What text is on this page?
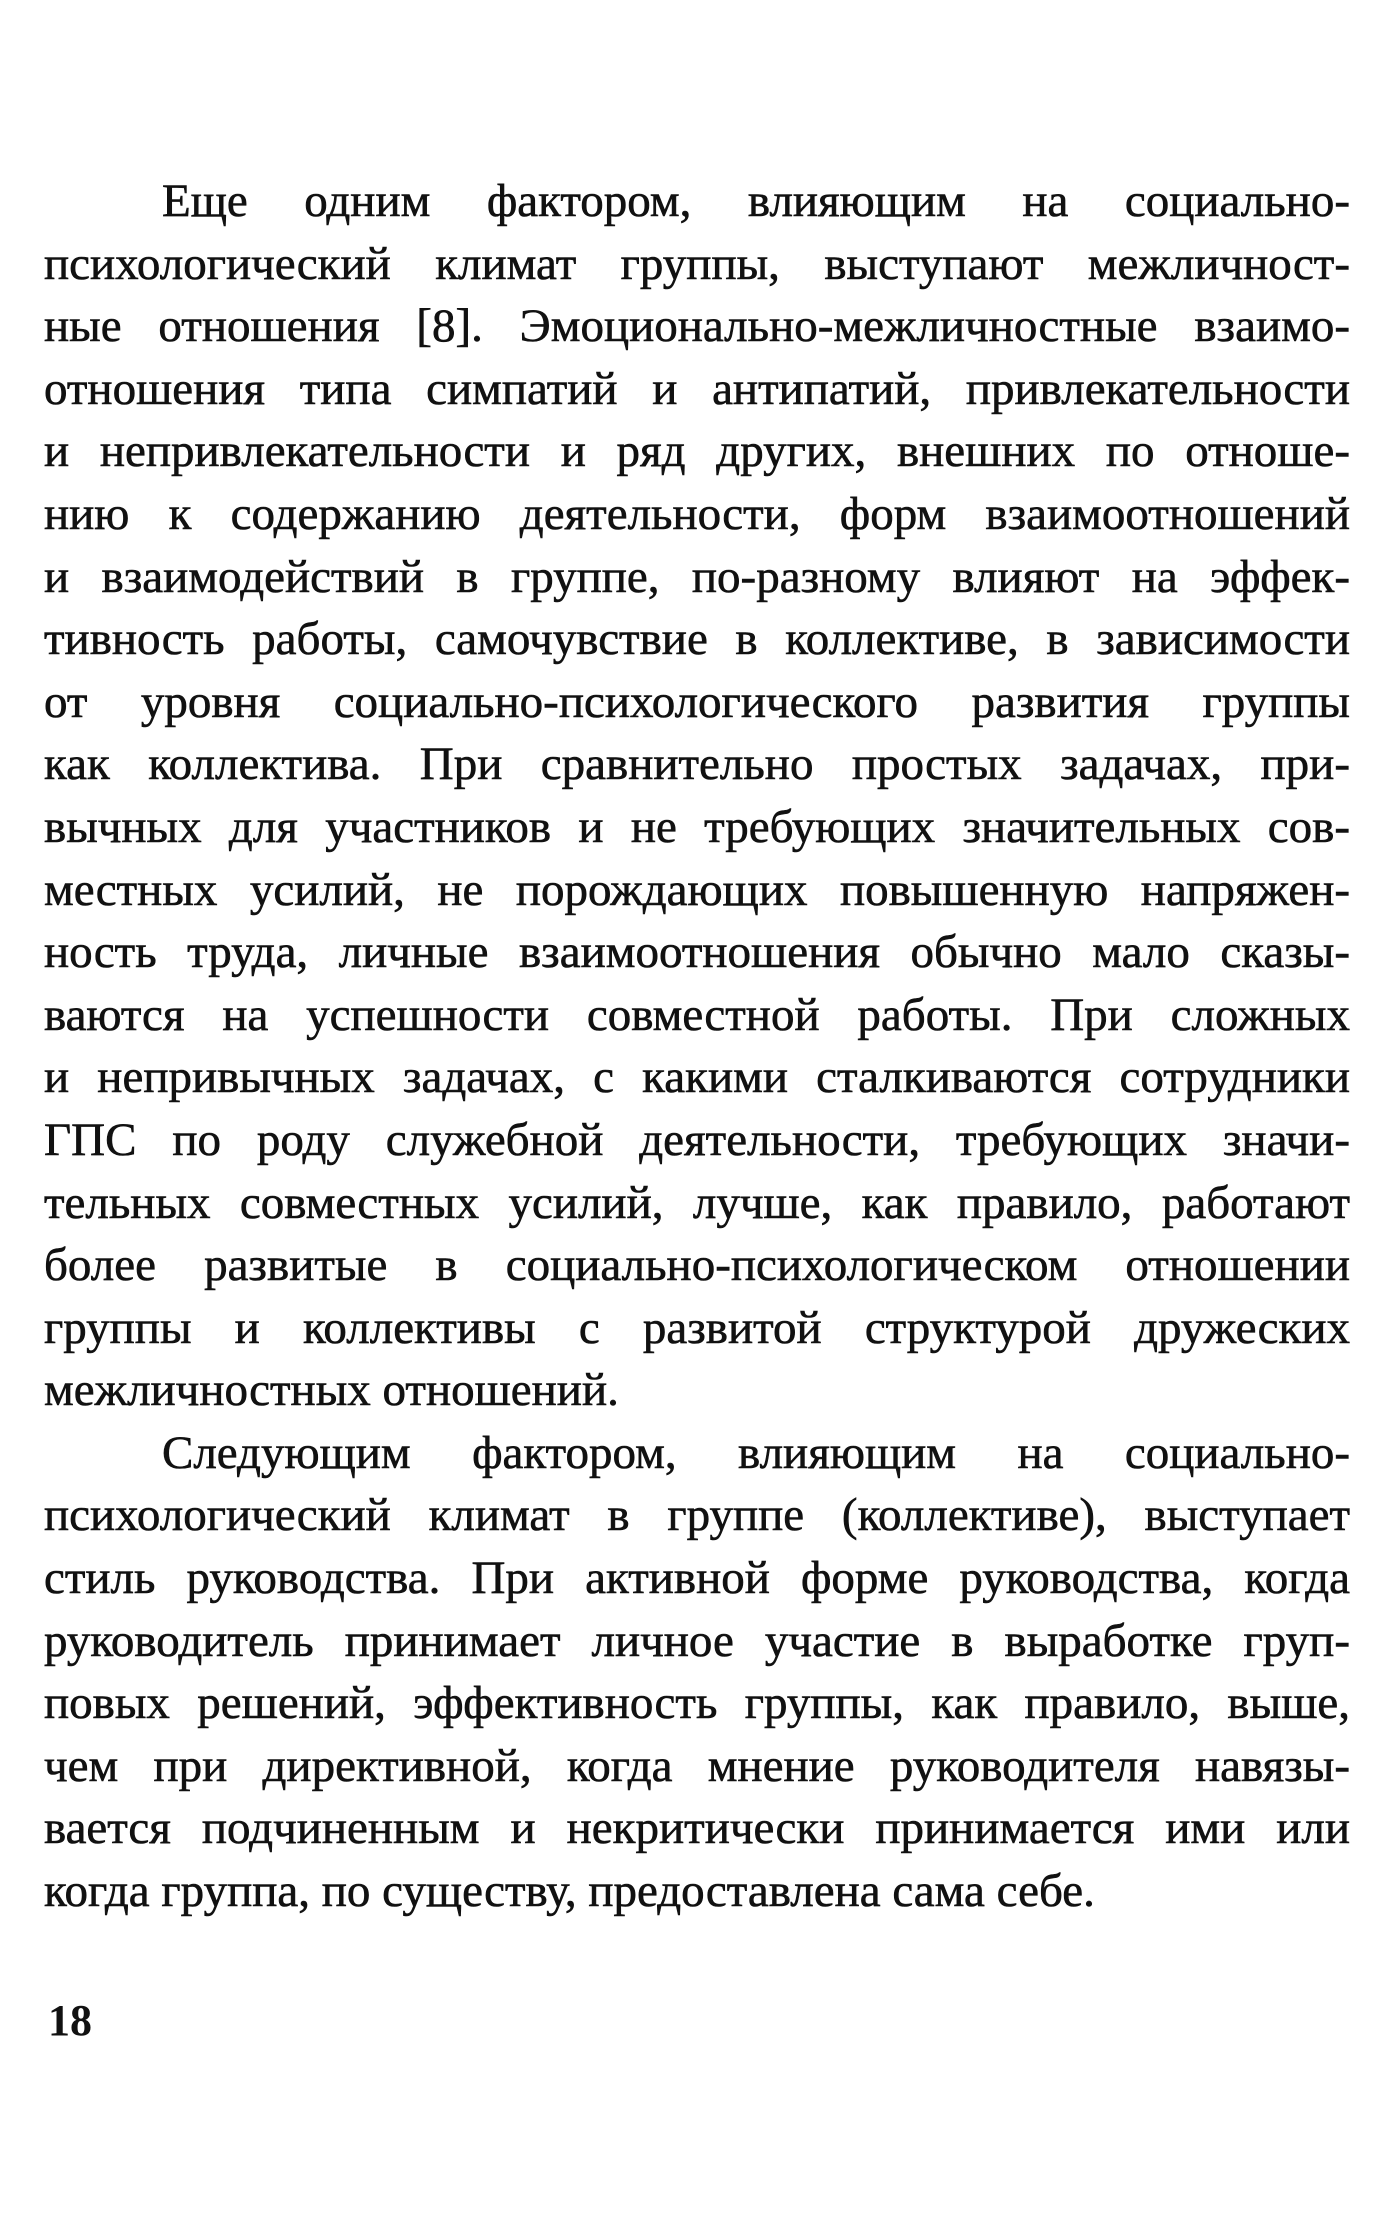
Еще одним фактором, влияющим на социально-
психологический климат группы, выступают межличност-
ные отношения [8]. Эмоционально-межличностные взаимо-
отношения типа симпатий и антипатий, привлекательности
и непривлекательности и ряд других, внешних по отноше-
нию к содержанию деятельности, форм взаимоотношений
и взаимодействий в группе, по-разному влияют на эффек-
тивность работы, самочувствие в коллективе, в зависимости
от уровня социально-психологического развития группы
как коллектива. При сравнительно простых задачах, при-
вычных для участников и не требующих значительных сов-
местных усилий, не порождающих повышенную напряжен-
ность труда, личные взаимоотношения обычно мало сказы-
ваются на успешности совместной работы. При сложных
и непривычных задачах, с какими сталкиваются сотрудники
ГПС по роду служебной деятельности, требующих значи-
тельных совместных усилий, лучше, как правило, работают
более развитые в социально-психологическом отношении
группы и коллективы с развитой структурой дружеских
межличностных отношений.
Следующим фактором, влияющим на социально-
психологический климат в группе (коллективе), выступает
стиль руководства. При активной форме руководства, когда
руководитель принимает личное участие в выработке груп-
повых решений, эффективность группы, как правило, выше,
чем при директивной, когда мнение руководителя навязы-
вается подчиненным и некритически принимается ими или
когда группа, по существу, предоставлена сама себе.
18
